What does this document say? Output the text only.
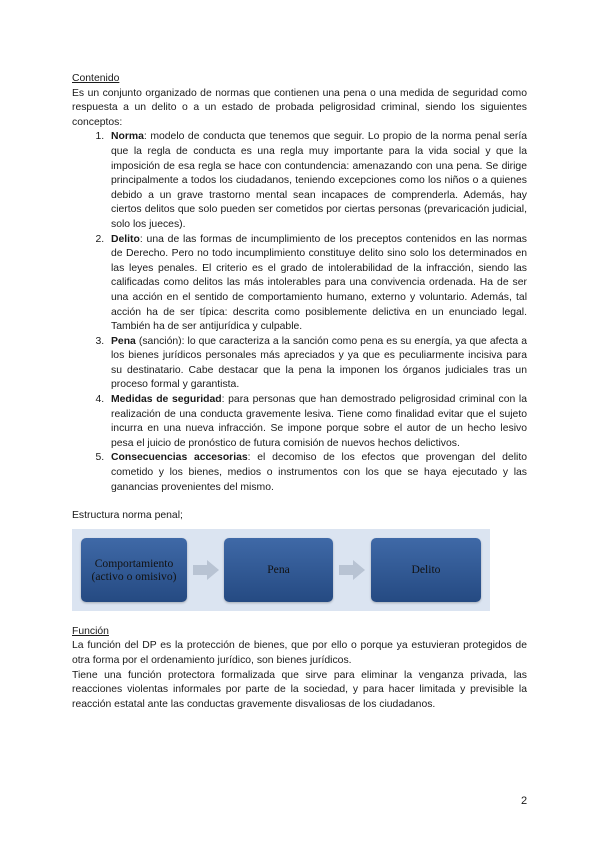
Contenido

Es un conjunto organizado de normas que contienen una pena o una medida de seguridad como respuesta a un delito o a un estado de probada peligrosidad criminal, siendo los siguientes conceptos:

1. Norma: modelo de conducta que tenemos que seguir. Lo propio de la norma penal sería que la regla de conducta es una regla muy importante para la vida social y que la imposición de esa regla se hace con contundencia: amenazando con una pena. Se dirige principalmente a todos los ciudadanos, teniendo excepciones como los niños o a quienes debido a un grave trastorno mental sean incapaces de comprenderla. Además, hay ciertos delitos que solo pueden ser cometidos por ciertas personas (prevaricación judicial, solo los jueces).
2. Delito: una de las formas de incumplimiento de los preceptos contenidos en las normas de Derecho. Pero no todo incumplimiento constituye delito sino solo los determinados en las leyes penales. El criterio es el grado de intolerabilidad de la infracción, siendo las calificadas como delitos las más intolerables para una convivencia ordenada. Ha de ser una acción en el sentido de comportamiento humano, externo y voluntario. Además, tal acción ha de ser típica: descrita como posiblemente delictiva en un enunciado legal. También ha de ser antijurídica y culpable.
3. Pena (sanción): lo que caracteriza a la sanción como pena es su energía, ya que afecta a los bienes jurídicos personales más apreciados y ya que es peculiarmente incisiva para su destinatario. Cabe destacar que la pena la imponen los órganos judiciales tras un proceso formal y garantista.
4. Medidas de seguridad: para personas que han demostrado peligrosidad criminal con la realización de una conducta gravemente lesiva. Tiene como finalidad evitar que el sujeto incurra en una nueva infracción. Se impone porque sobre el autor de un hecho lesivo pesa el juicio de pronóstico de futura comisión de nuevos hechos delictivos.
5. Consecuencias accesorias: el decomiso de los efectos que provengan del delito cometido y los bienes, medios o instrumentos con los que se haya ejecutado y las ganancias provenientes del mismo.

Estructura norma penal;

Comportamiento (activo o omisivo)	Pena	Delito

Función

La función del DP es la protección de bienes, que por ello o porque ya estuvieran protegidos de otra forma por el ordenamiento jurídico, son bienes jurídicos.

Tiene una función protectora formalizada que sirve para eliminar la venganza privada, las reacciones violentas informales por parte de la sociedad, y para hacer limitada y previsible la reacción estatal ante las conductas gravemente disvaliosas de los ciudadanos.

2
